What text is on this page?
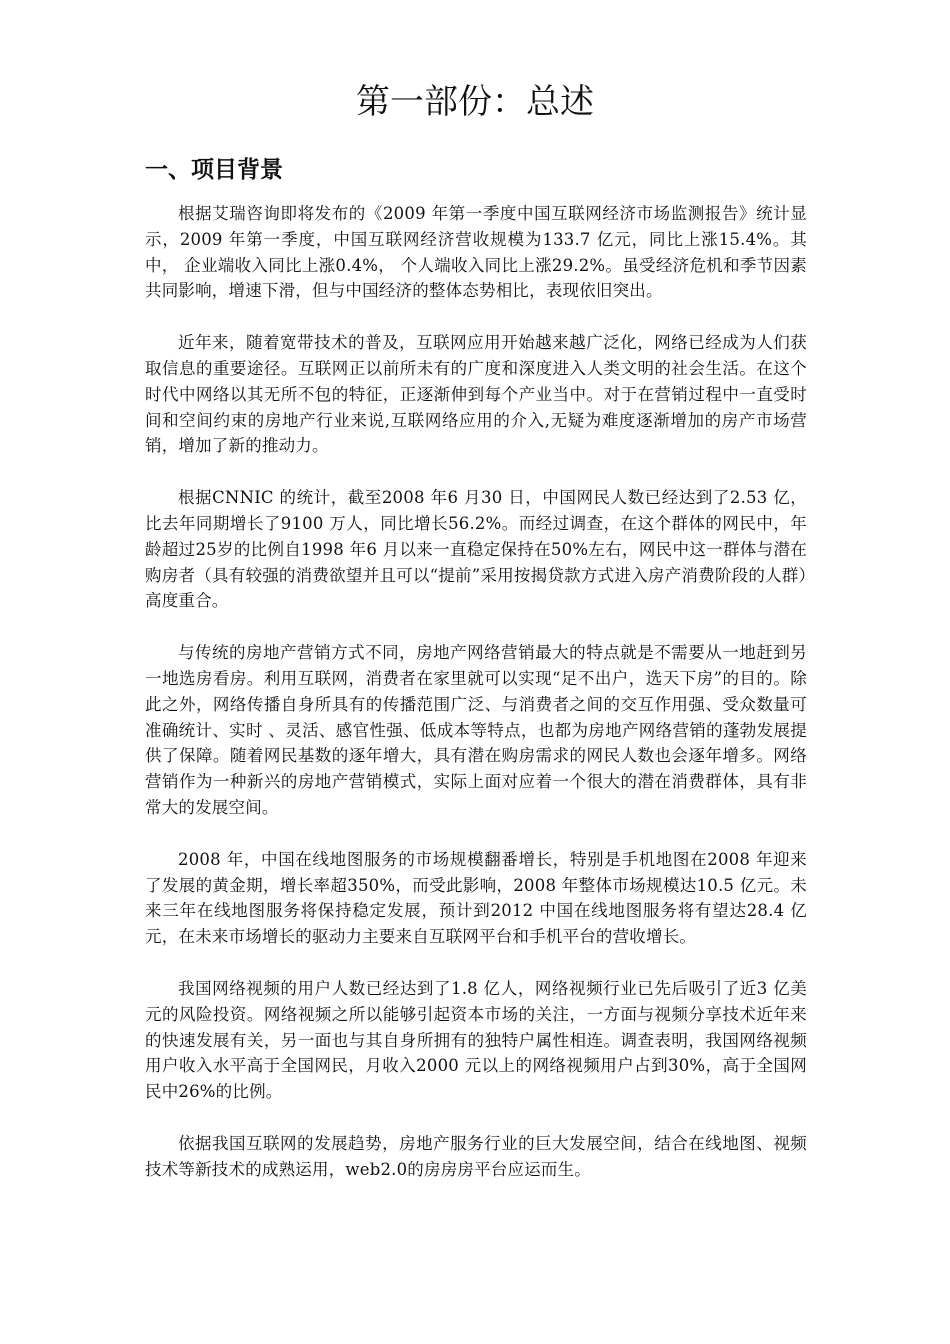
第一部份：总述
一、项目背景

根据艾瑞咨询即将发布的《2009 年第一季度中国互联网经济市场监测报告》统计显示，2009 年第一季度，中国互联网经济营收规模为133.7 亿元，同比上涨15.4%。其中， 企业端收入同比上涨0.4%， 个人端收入同比上涨29.2%。虽受经济危机和季节因素共同影响，增速下滑，但与中国经济的整体态势相比，表现依旧突出。

近年来，随着宽带技术的普及，互联网应用开始越来越广泛化，网络已经成为人们获取信息的重要途径。互联网正以前所未有的广度和深度进入人类文明的社会生活。在这个时代中网络以其无所不包的特征，正逐渐伸到每个产业当中。对于在营销过程中一直受时间和空间约束的房地产行业来说,互联网络应用的介入,无疑为难度逐渐增加的房产市场营销，增加了新的推动力。

根据CNNIC 的统计，截至2008 年6 月30 日，中国网民人数已经达到了2.53 亿，比去年同期增长了9100 万人，同比增长56.2%。而经过调查，在这个群体的网民中，年龄超过25岁的比例自1998 年6 月以来一直稳定保持在50%左右，网民中这一群体与潜在购房者（具有较强的消费欲望并且可以“提前”采用按揭贷款方式进入房产消费阶段的人群）高度重合。

与传统的房地产营销方式不同，房地产网络营销最大的特点就是不需要从一地赶到另一地选房看房。利用互联网，消费者在家里就可以实现“足不出户，选天下房”的目的。除此之外，网络传播自身所具有的传播范围广泛、与消费者之间的交互作用强、受众数量可准确统计、实时 、灵活、感官性强、低成本等特点，也都为房地产网络营销的蓬勃发展提供了保障。随着网民基数的逐年增大，具有潜在购房需求的网民人数也会逐年增多。网络营销作为一种新兴的房地产营销模式，实际上面对应着一个很大的潜在消费群体，具有非常大的发展空间。

2008 年，中国在线地图服务的市场规模翻番增长，特别是手机地图在2008 年迎来了发展的黄金期，增长率超350%，而受此影响，2008 年整体市场规模达10.5 亿元。未来三年在线地图服务将保持稳定发展，预计到2012 中国在线地图服务将有望达28.4 亿元，在未来市场增长的驱动力主要来自互联网平台和手机平台的营收增长。

我国网络视频的用户人数已经达到了1.8 亿人，网络视频行业已先后吸引了近3 亿美元的风险投资。网络视频之所以能够引起资本市场的关注，一方面与视频分享技术近年来的快速发展有关，另一面也与其自身所拥有的独特户属性相连。调查表明，我国网络视频用户收入水平高于全国网民，月收入2000 元以上的网络视频用户占到30%，高于全国网民中26%的比例。

依据我国互联网的发展趋势，房地产服务行业的巨大发展空间，结合在线地图、视频技术等新技术的成熟运用，web2.0的房房房平台应运而生。
